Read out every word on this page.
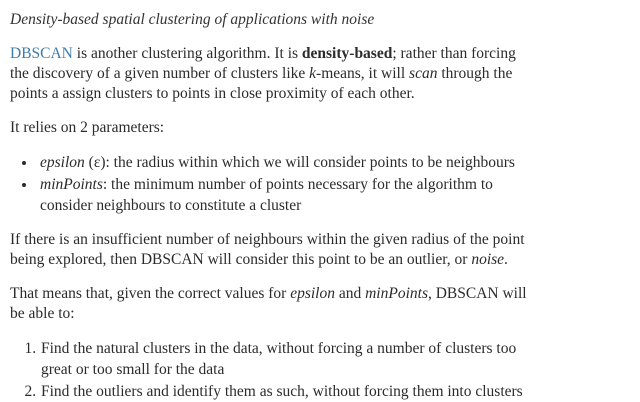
Density-based spatial clustering of applications with noise

DBSCAN is another clustering algorithm. It is density-based; rather than forcing the discovery of a given number of clusters like k-means, it will scan through the points a assign clusters to points in close proximity of each other.

It relies on 2 parameters:

• epsilon (ε): the radius within which we will consider points to be neighbours
• minPoints: the minimum number of points necessary for the algorithm to consider neighbours to constitute a cluster

If there is an insufficient number of neighbours within the given radius of the point being explored, then DBSCAN will consider this point to be an outlier, or noise.

That means that, given the correct values for epsilon and minPoints, DBSCAN will be able to:

1. Find the natural clusters in the data, without forcing a number of clusters too great or too small for the data
2. Find the outliers and identify them as such, without forcing them into clusters
